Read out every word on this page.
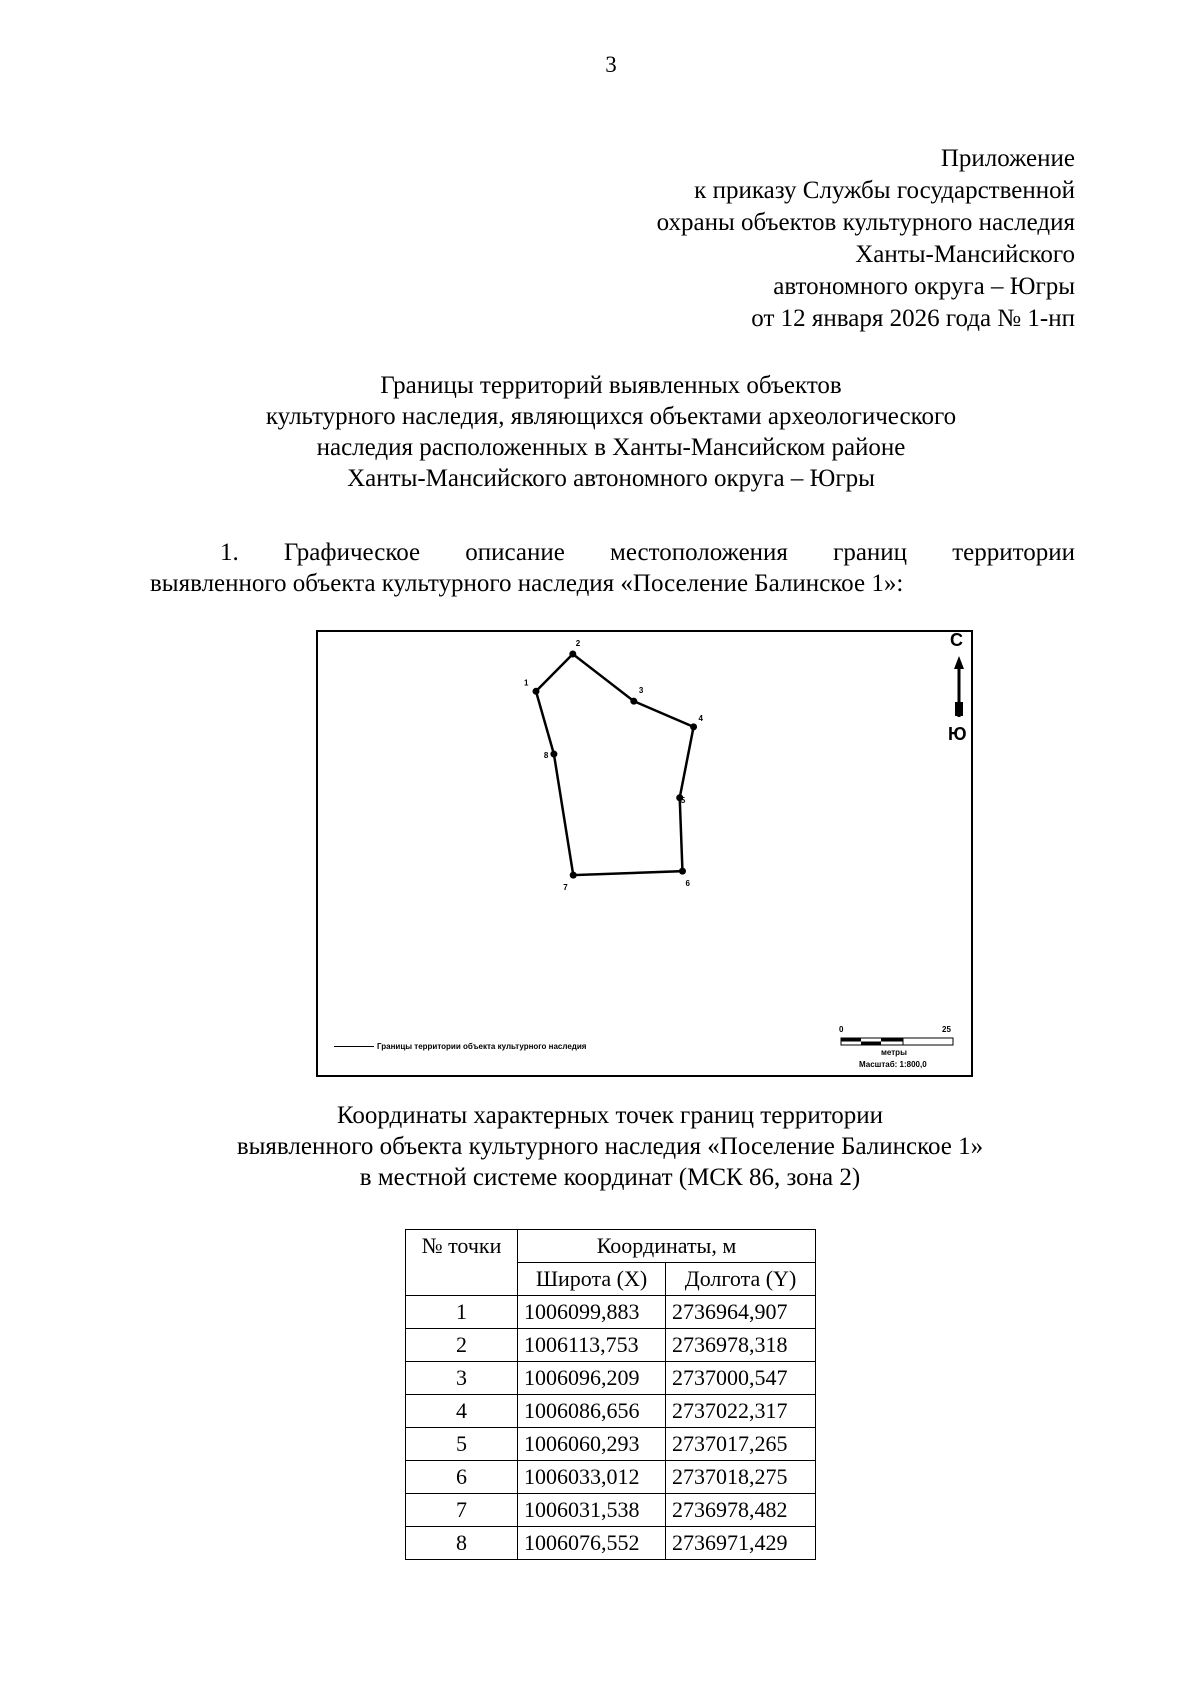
3
Приложение
к приказу Службы государственной
охраны объектов культурного наследия
Ханты-Мансийского
автономного округа – Югры
от 12 января 2026 года № 1-нп
Границы территорий выявленных объектов
культурного наследия, являющихся объектами археологического
наследия расположенных в Ханты-Мансийском районе
Ханты-Мансийского автономного округа – Югры
1. Графическое описание местоположения границ территории
выявленного объекта культурного наследия «Поселение Балинское 1»:
1
2
3
4
5
6
7
8
С
Ю
0	25
метры
Масштаб: 1:800,0
Границы территории объекта культурного наследия
Координаты характерных точек границ территории
выявленного объекта культурного наследия «Поселение Балинское 1»
в местной системе координат (МСК 86, зона 2)
№ точки	Координаты, м	
	Широта (X)	Долгота (Y)
1	1006099,883	2736964,907
2	1006113,753	2736978,318
3	1006096,209	2737000,547
4	1006086,656	2737022,317
5	1006060,293	2737017,265
6	1006033,012	2737018,275
7	1006031,538	2736978,482
8	1006076,552	2736971,429
